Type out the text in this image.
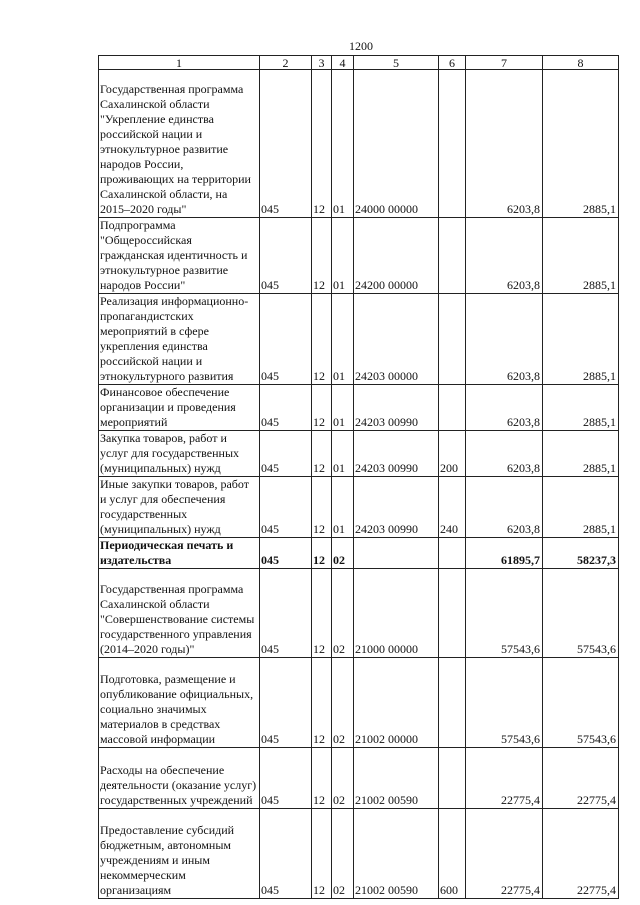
1200
1	2	3	4	5	6	7	8
Государственная программа Сахалинской области "Укрепление единства российской нации и этнокультурное развитие народов России, проживающих на территории Сахалинской области, на 2015–2020 годы"	045	12	01	24000 00000		6203,8	2885,1
Подпрограмма "Общероссийская гражданская идентичность и этнокультурное развитие народов России"	045	12	01	24200 00000		6203,8	2885,1
Реализация информационно-пропагандистских мероприятий в сфере укрепления единства российской нации и этнокультурного развития	045	12	01	24203 00000		6203,8	2885,1
Финансовое обеспечение организации и проведения мероприятий	045	12	01	24203 00990		6203,8	2885,1
Закупка товаров, работ и услуг для государственных (муниципальных) нужд	045	12	01	24203 00990	200	6203,8	2885,1
Иные закупки товаров, работ и услуг для обеспечения государственных (муниципальных) нужд	045	12	01	24203 00990	240	6203,8	2885,1
Периодическая печать и издательства	045	12	02			61895,7	58237,3
Государственная программа Сахалинской области "Совершенствование системы государственного управления (2014–2020 годы)"	045	12	02	21000 00000		57543,6	57543,6
Подготовка, размещение и опубликование официальных, социально значимых материалов в средствах массовой информации	045	12	02	21002 00000		57543,6	57543,6
Расходы на обеспечение деятельности (оказание услуг) государственных учреждений	045	12	02	21002 00590		22775,4	22775,4
Предоставление субсидий бюджетным, автономным учреждениям и иным некоммерческим организациям	045	12	02	21002 00590	600	22775,4	22775,4
